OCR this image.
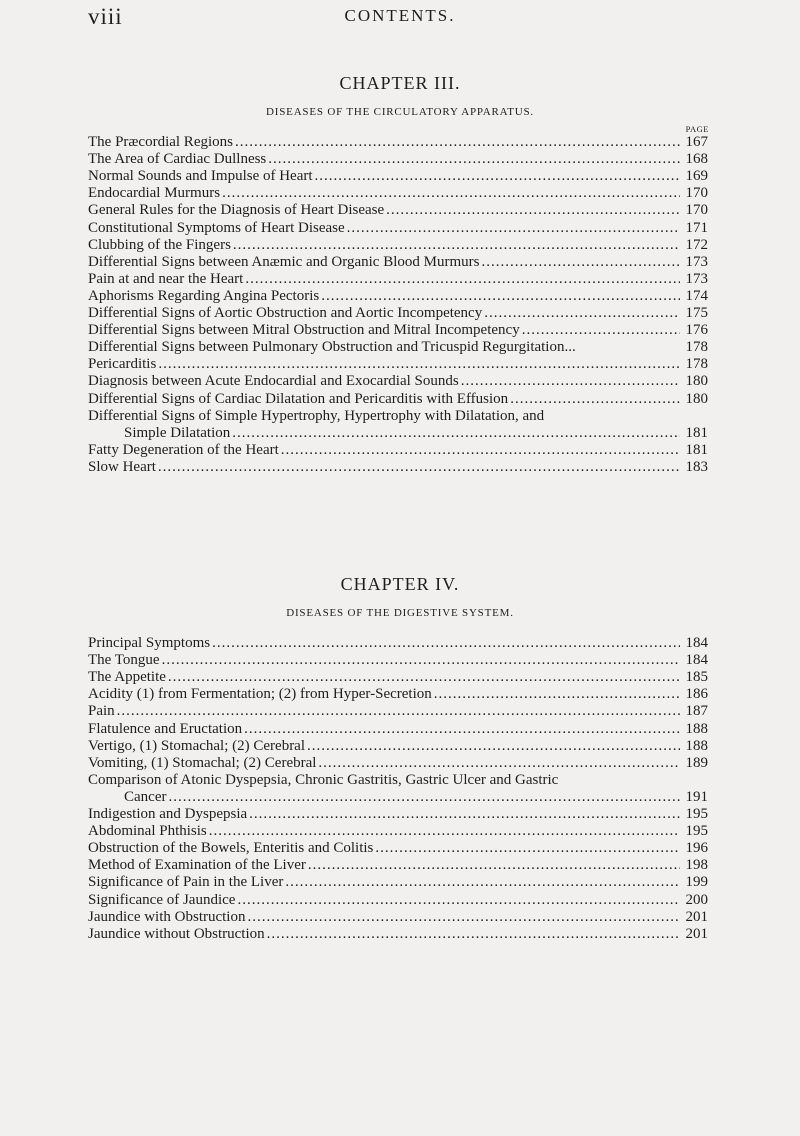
viii	CONTENTS.
CHAPTER III.
DISEASES OF THE CIRCULATORY APPARATUS.
PAGE
The Præcordial Regions .....	167
The Area of Cardiac Dullness .....	168
Normal Sounds and Impulse of Heart .....	169
Endocardial Murmurs .....	170
General Rules for the Diagnosis of Heart Disease .....	170
Constitutional Symptoms of Heart Disease .....	171
Clubbing of the Fingers .....	172
Differential Signs between Anæmic and Organic Blood Murmurs .....	173
Pain at and near the Heart .....	173
Aphorisms Regarding Angina Pectoris .....	174
Differential Signs of Aortic Obstruction and Aortic Incompetency .....	175
Differential Signs between Mitral Obstruction and Mitral Incompetency .....	176
Differential Signs between Pulmonary Obstruction and Tricuspid Regurgitation...	178
Pericarditis .....	178
Diagnosis between Acute Endocardial and Exocardial Sounds .....	180
Differential Signs of Cardiac Dilatation and Pericarditis with Effusion .....	180
Differential Signs of Simple Hypertrophy, Hypertrophy with Dilatation, and
Simple Dilatation .....	181
Fatty Degeneration of the Heart .....	181
Slow Heart .....	183
CHAPTER IV.
DISEASES OF THE DIGESTIVE SYSTEM.
Principal Symptoms .....	184
The Tongue .....	184
The Appetite .....	185
Acidity (1) from Fermentation; (2) from Hyper-Secretion .....	186
Pain .....	187
Flatulence and Eructation .....	188
Vertigo, (1) Stomachal; (2) Cerebral .....	188
Vomiting, (1) Stomachal; (2) Cerebral .....	189
Comparison of Atonic Dyspepsia, Chronic Gastritis, Gastric Ulcer and Gastric
Cancer .....	191
Indigestion and Dyspepsia .....	195
Abdominal Phthisis .....	195
Obstruction of the Bowels, Enteritis and Colitis .....	196
Method of Examination of the Liver .....	198
Significance of Pain in the Liver .....	199
Significance of Jaundice .....	200
Jaundice with Obstruction .....	201
Jaundice without Obstruction .....	201
